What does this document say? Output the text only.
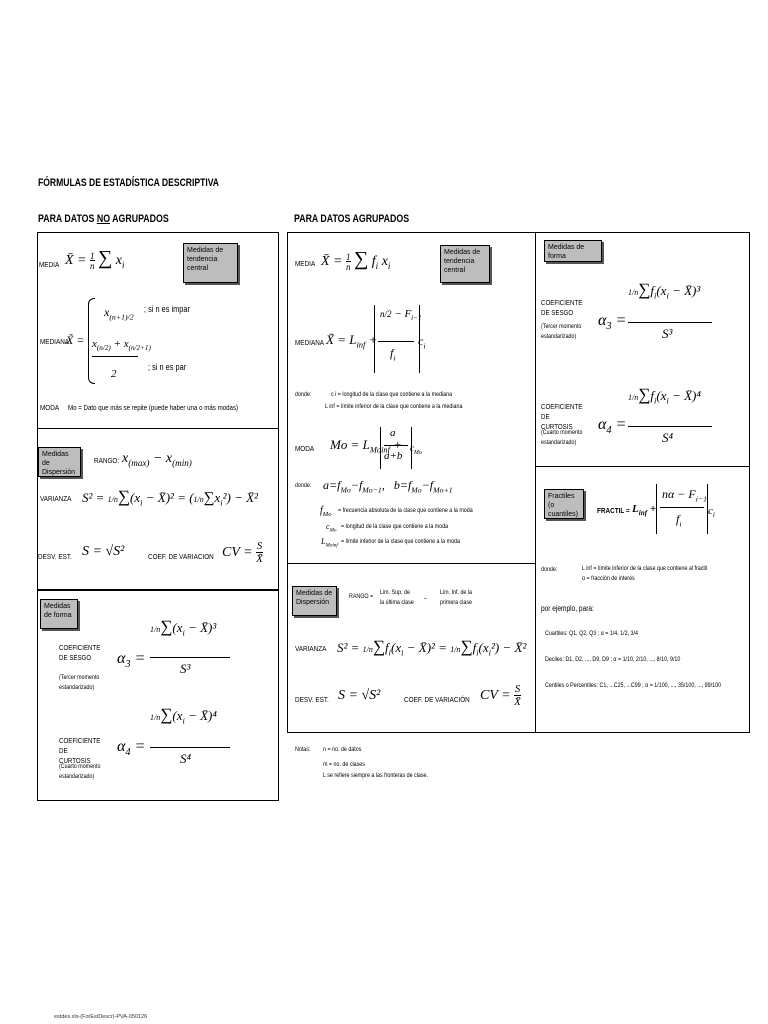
FÓRMULAS DE ESTADÍSTICA DESCRIPTIVA
PARA DATOS NO AGRUPADOS	PARA DATOS AGRUPADOS
Medidas de tendencia central
MEDIA X̄ = 1
n ∑ $x_i$
MEDIANA
X̃ =
$x_{(n+1)/2}$
; si n es impar
$x_{(n/2)} + x_{(n/2+1)}$
2
; si n es par
MODA Mo = Dato que más se repite (puede haber una o más modas)
Medidas de Dispersión
RANGO: $x_{(max)} - x_{(min)}$
VARIANZA $S^2 = 1/n\sum(x_i$ − X̄)² = $(1/n\sum x_i^2)$ − X̄²
DESV. EST. S = √S²	COEF. DE VARIACION CV = S
X̄
Medidas de forma
COEFICIENTE DE SESGO
(Tercer momento estandarizado)
$\alpha_3$ =
$1/n\sum(x_i$ − X̄)³
S³
COEFICIENTE DE CURTOSIS
(Cuarto momento estandarizado)
$\alpha_4$ =
$1/n\sum(x_i$ − X̄)⁴
S⁴
Medidas de tendencia central
MEDIA X̄ = 1
n ∑ $f_i$ $x_i$
MEDIANA X̃ = $L_{inf}$ +
$n/2 - F_{i-1}$
$f_i$
$c_i$
donde:	c i = longitud de la clase que contiene a la mediana
L inf = límite inferior de la clase que contiene a la mediana
MODA $Mo = L_{Moinf}$ +
a
a+b
$c_{Mo}$
donde: $a=f_{Mo}-f_{Mo-1}$,   $b=f_{Mo}-f_{Mo+1}$
$f_{Mo}$
= frecuencia absoluta de la clase que contiene a la moda
$c_{Mo}$
= longitud de la clase que contiene a la moda
$L_{Moinf}$
= límite inferior de la clase que contiene a la moda
Medidas de Dispersión
RANGO =
Lim. Sup. de la última clase
–
Lim. Inf. de la primera clase
VARIANZA $S^2 = 1/n\sum f_i(x_i$ − X̄)² = $1/n\sum f_i(x_i^2)$ − X̄²
DESV. EST. S = √S²	COEF. DE VARIACIÓN CV = S
X̄
Notas: n = no. de datos
m = no. de clases
L se refiere siempre a las fronteras de clase.
Medidas de forma
COEFICIENTE DE SESGO
(Tercer momento estandarizado)
$\alpha_3$ =
$1/n\sum f_i(x_i$ − X̄)³
S³
COEFICIENTE DE CURTOSIS
(Cuarto momento estandarizado)
$\alpha_4$ =
$1/n\sum f_i(x_i$ − X̄)⁴
S⁴
Fractiles (o cuantiles)	FRACTIL = $L_{inf}$ +
$n\alpha - F_{i-1}$
$f_i$
$c_i$
donde:	L inf = límite inferior de la clase que contiene al fractil
α = fracción de interés
por ejemplo, para:
Cuartiles: Q1, Q2, Q3 ; α = 1/4, 1/2, 3/4
Deciles: D1, D2, ..., D9, D9 ; α = 1/10, 2/10, ..., 8/10, 9/10
Centiles o Percentiles: C1, ...C25, ...C99 ; α = 1/100, ..., 35/100, ..., 99/100
estdes.xls-(ForEstDescr)-PVA-050126
